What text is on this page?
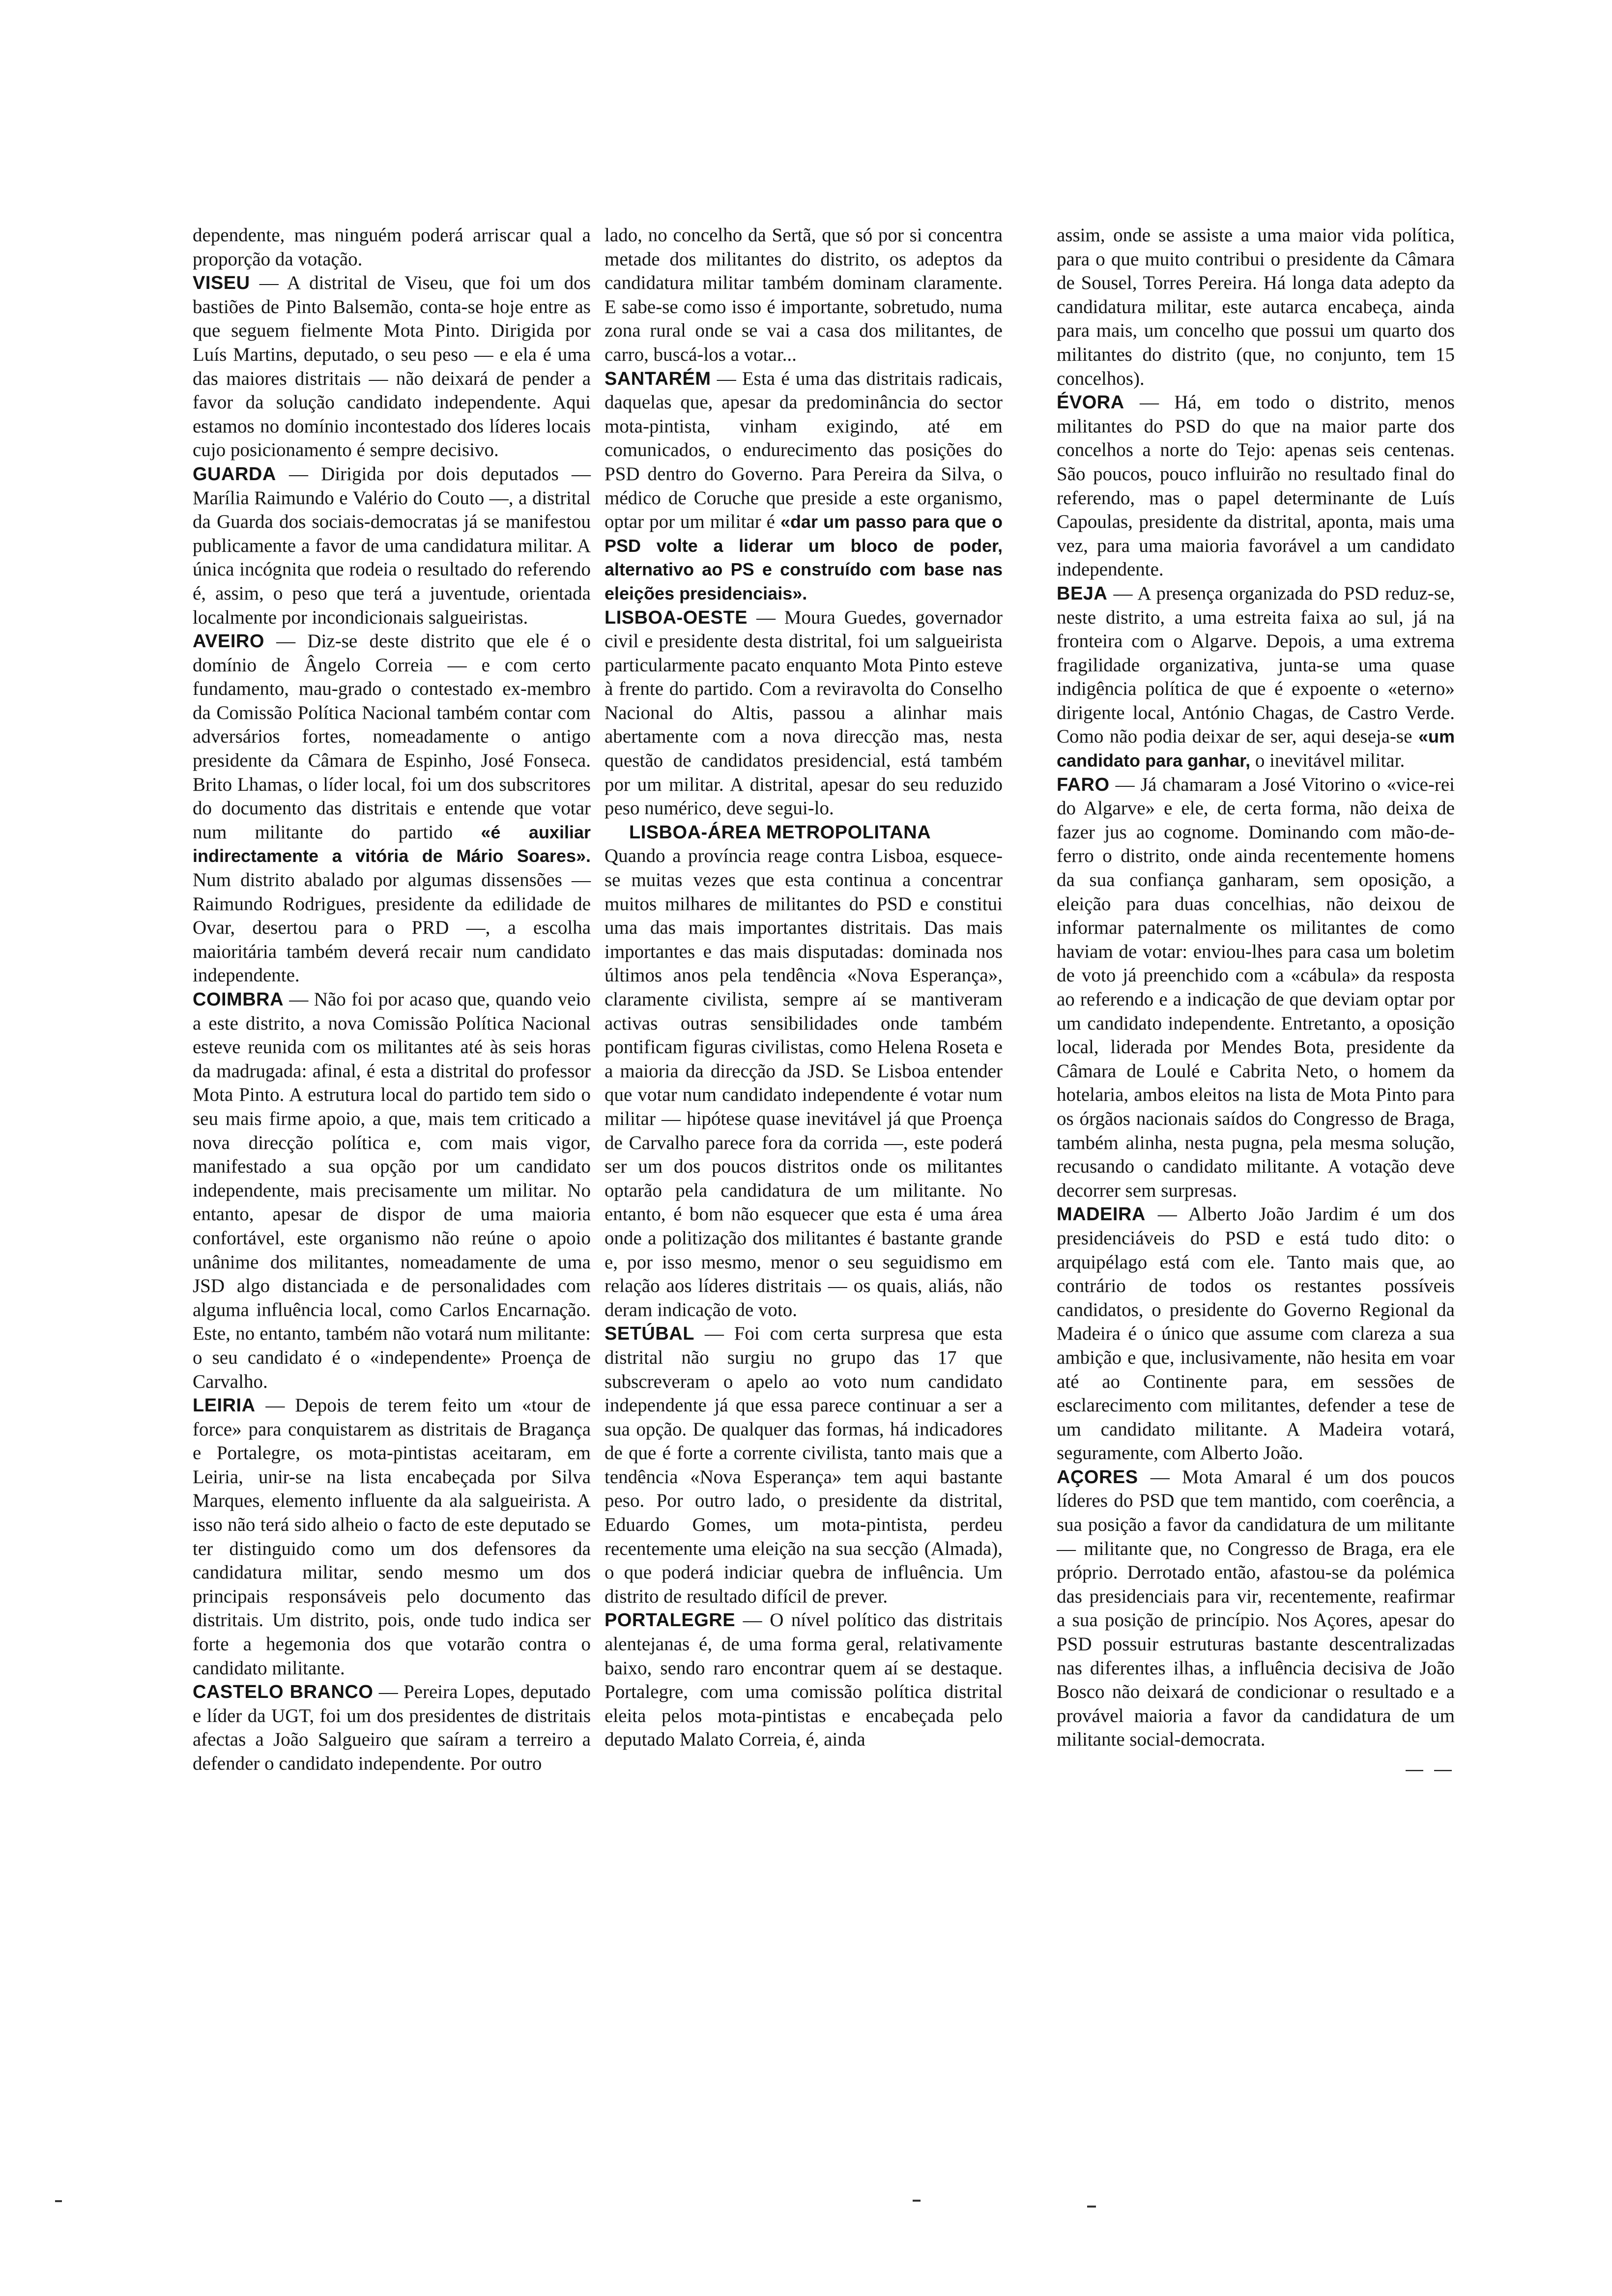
dependente, mas ninguém poderá arriscar qual a proporção da votação.

VISEU — A distrital de Viseu, que foi um dos bastiões de Pinto Balsemão, conta-se hoje entre as que seguem fielmente Mota Pinto. Dirigida por Luís Martins, deputado, o seu peso — e ela é uma das maiores distritais — não deixará de pender a favor da solução candidato independente. Aqui estamos no domínio incontestado dos líderes locais cujo posicionamento é sempre decisivo.

GUARDA — Dirigida por dois deputados — Marília Raimundo e Valério do Couto —, a distrital da Guarda dos sociais-democratas já se manifestou publicamente a favor de uma candidatura militar. A única incógnita que rodeia o resultado do referendo é, assim, o peso que terá a juventude, orientada localmente por incondicionais salgueiristas.

AVEIRO — Diz-se deste distrito que ele é o domínio de Ângelo Correia — e com certo fundamento, mau-grado o contestado ex-membro da Comissão Política Nacional também contar com adversários fortes, nomeadamente o antigo presidente da Câmara de Espinho, José Fonseca. Brito Lhamas, o líder local, foi um dos subscritores do documento das distritais e entende que votar num militante do partido «é auxiliar indirectamente a vitória de Mário Soares». Num distrito abalado por algumas dissensões — Raimundo Rodrigues, presidente da edilidade de Ovar, desertou para o PRD —, a escolha maioritária também deverá recair num candidato independente.

COIMBRA — Não foi por acaso que, quando veio a este distrito, a nova Comissão Política Nacional esteve reunida com os militantes até às seis horas da madrugada: afinal, é esta a distrital do professor Mota Pinto. A estrutura local do partido tem sido o seu mais firme apoio, a que, mais tem criticado a nova direcção política e, com mais vigor, manifestado a sua opção por um candidato independente, mais precisamente um militar. No entanto, apesar de dispor de uma maioria confortável, este organismo não reúne o apoio unânime dos militantes, nomeadamente de uma JSD algo distanciada e de personalidades com alguma influência local, como Carlos Encarnação. Este, no entanto, também não votará num militante: o seu candidato é o «independente» Proença de Carvalho.

LEIRIA — Depois de terem feito um «tour de force» para conquistarem as distritais de Bragança e Portalegre, os mota-pintistas aceitaram, em Leiria, unir-se na lista encabeçada por Silva Marques, elemento influente da ala salgueirista. A isso não terá sido alheio o facto de este deputado se ter distinguido como um dos defensores da candidatura militar, sendo mesmo um dos principais responsáveis pelo documento das distritais. Um distrito, pois, onde tudo indica ser forte a hegemonia dos que votarão contra o candidato militante.

CASTELO BRANCO — Pereira Lopes, deputado e líder da UGT, foi um dos presidentes de distritais afectas a João Salgueiro que saíram a terreiro a defender o candidato independente. Por outro

lado, no concelho da Sertã, que só por si concentra metade dos militantes do distrito, os adeptos da candidatura militar também dominam claramente. E sabe-se como isso é importante, sobretudo, numa zona rural onde se vai a casa dos militantes, de carro, buscá-los a votar...

SANTARÉM — Esta é uma das distritais radicais, daquelas que, apesar da predominância do sector mota-pintista, vinham exigindo, até em comunicados, o endurecimento das posições do PSD dentro do Governo. Para Pereira da Silva, o médico de Coruche que preside a este organismo, optar por um militar é «dar um passo para que o PSD volte a liderar um bloco de poder, alternativo ao PS e construído com base nas eleições presidenciais».

LISBOA-OESTE — Moura Guedes, governador civil e presidente desta distrital, foi um salgueirista particularmente pacato enquanto Mota Pinto esteve à frente do partido. Com a reviravolta do Conselho Nacional do Altis, passou a alinhar mais abertamente com a nova direcção mas, nesta questão de candidatos presidencial, está também por um militar. A distrital, apesar do seu reduzido peso numérico, deve segui-lo.

LISBOA-ÁREA METROPOLITANA
Quando a província reage contra Lisboa, esquece-se muitas vezes que esta continua a concentrar muitos milhares de militantes do PSD e constitui uma das mais importantes distritais. Das mais importantes e das mais disputadas: dominada nos últimos anos pela tendência «Nova Esperança», claramente civilista, sempre aí se mantiveram activas outras sensibilidades onde também pontificam figuras civilistas, como Helena Roseta e a maioria da direcção da JSD. Se Lisboa entender que votar num candidato independente é votar num militar — hipótese quase inevitável já que Proença de Carvalho parece fora da corrida —, este poderá ser um dos poucos distritos onde os militantes optarão pela candidatura de um militante. No entanto, é bom não esquecer que esta é uma área onde a politização dos militantes é bastante grande e, por isso mesmo, menor o seu seguidismo em relação aos líderes distritais — os quais, aliás, não deram indicação de voto.

SETÚBAL — Foi com certa surpresa que esta distrital não surgiu no grupo das 17 que subscreveram o apelo ao voto num candidato independente já que essa parece continuar a ser a sua opção. De qualquer das formas, há indicadores de que é forte a corrente civilista, tanto mais que a tendência «Nova Esperança» tem aqui bastante peso. Por outro lado, o presidente da distrital, Eduardo Gomes, um mota-pintista, perdeu recentemente uma eleição na sua secção (Almada), o que poderá indiciar quebra de influência. Um distrito de resultado difícil de prever.

PORTALEGRE — O nível político das distritais alentejanas é, de uma forma geral, relativamente baixo, sendo raro encontrar quem aí se destaque. Portalegre, com uma comissão política distrital eleita pelos mota-pintistas e encabeçada pelo deputado Malato Correia, é, ainda

assim, onde se assiste a uma maior vida política, para o que muito contribui o presidente da Câmara de Sousel, Torres Pereira. Há longa data adepto da candidatura militar, este autarca encabeça, ainda para mais, um concelho que possui um quarto dos militantes do distrito (que, no conjunto, tem 15 concelhos).

ÉVORA — Há, em todo o distrito, menos militantes do PSD do que na maior parte dos concelhos a norte do Tejo: apenas seis centenas. São poucos, pouco influirão no resultado final do referendo, mas o papel determinante de Luís Capoulas, presidente da distrital, aponta, mais uma vez, para uma maioria favorável a um candidato independente.

BEJA — A presença organizada do PSD reduz-se, neste distrito, a uma estreita faixa ao sul, já na fronteira com o Algarve. Depois, a uma extrema fragilidade organizativa, junta-se uma quase indigência política de que é expoente o «eterno» dirigente local, António Chagas, de Castro Verde. Como não podia deixar de ser, aqui deseja-se «um candidato para ganhar, o inevitável militar.

FARO — Já chamaram a José Vitorino o «vice-rei do Algarve» e ele, de certa forma, não deixa de fazer jus ao cognome. Dominando com mão-de-ferro o distrito, onde ainda recentemente homens da sua confiança ganharam, sem oposição, a eleição para duas concelhias, não deixou de informar paternalmente os militantes de como haviam de votar: enviou-lhes para casa um boletim de voto já preenchido com a «cábula» da resposta ao referendo e a indicação de que deviam optar por um candidato independente. Entretanto, a oposição local, liderada por Mendes Bota, presidente da Câmara de Loulé e Cabrita Neto, o homem da hotelaria, ambos eleitos na lista de Mota Pinto para os órgãos nacionais saídos do Congresso de Braga, também alinha, nesta pugna, pela mesma solução, recusando o candidato militante. A votação deve decorrer sem surpresas.

MADEIRA — Alberto João Jardim é um dos presidenciáveis do PSD e está tudo dito: o arquipélago está com ele. Tanto mais que, ao contrário de todos os restantes possíveis candidatos, o presidente do Governo Regional da Madeira é o único que assume com clareza a sua ambição e que, inclusivamente, não hesita em voar até ao Continente para, em sessões de esclarecimento com militantes, defender a tese de um candidato militante. A Madeira votará, seguramente, com Alberto João.

AÇORES — Mota Amaral é um dos poucos líderes do PSD que tem mantido, com coerência, a sua posição a favor da candidatura de um militante — militante que, no Congresso de Braga, era ele próprio. Derrotado então, afastou-se da polémica das presidenciais para vir, recentemente, reafirmar a sua posição de princípio. Nos Açores, apesar do PSD possuir estruturas bastante descentralizadas nas diferentes ilhas, a influência decisiva de João Bosco não deixará de condicionar o resultado e a provável maioria a favor da candidatura de um militante social-democrata.

— —
